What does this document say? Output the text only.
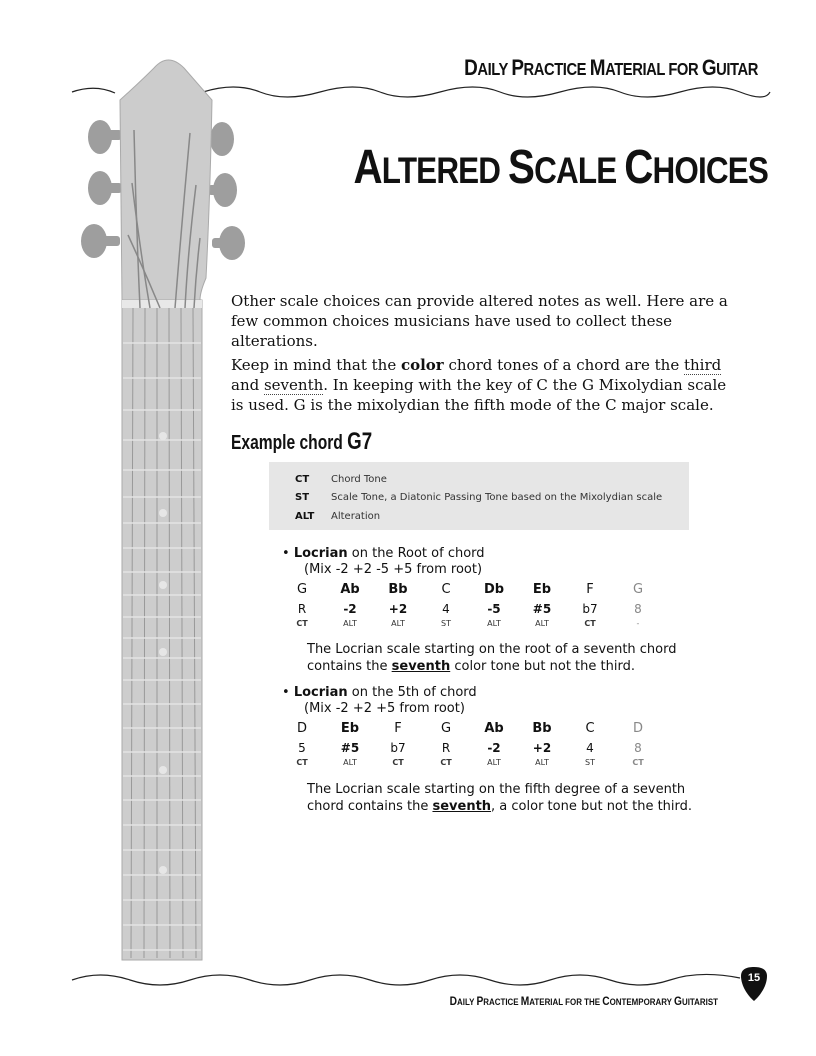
DAILY PRACTICE MATERIAL FOR GUITAR
ALTERED SCALE CHOICES

Other scale choices can provide altered notes as well. Here are a few common choices musicians have used to collect these alterations.

Keep in mind that the color chord tones of a chord are the third and seventh. In keeping with the key of C the G Mixolydian scale is used. G is the mixolydian the fifth mode of the C major scale.

Example chord G7
CT Chord Tone
ST Scale Tone, a Diatonic Passing Tone based on the Mixolydian scale
ALT Alteration
• Locrian on the Root of chord
(Mix -2 +2 -5 +5 from root)
G	Ab	Bb	C	Db	Eb	F	G
R	-2	+2	4	-5	#5	b7	8
CT	ALT	ALT	ST	ALT	ALT	CT	-
The Locrian scale starting on the root of a seventh chord contains the seventh color tone but not the third.
• Locrian on the 5th of chord
(Mix -2 +2 +5 from root)
D	Eb	F	G	Ab	Bb	C	D
5	#5	b7	R	-2	+2	4	8
CT	ALT	CT	CT	ALT	ALT	ST	CT
The Locrian scale starting on the fifth degree of a seventh chord contains the seventh, a color tone but not the third.
DAILY PRACTICE MATERIAL FOR THE CONTEMPORARY GUITARIST
15
